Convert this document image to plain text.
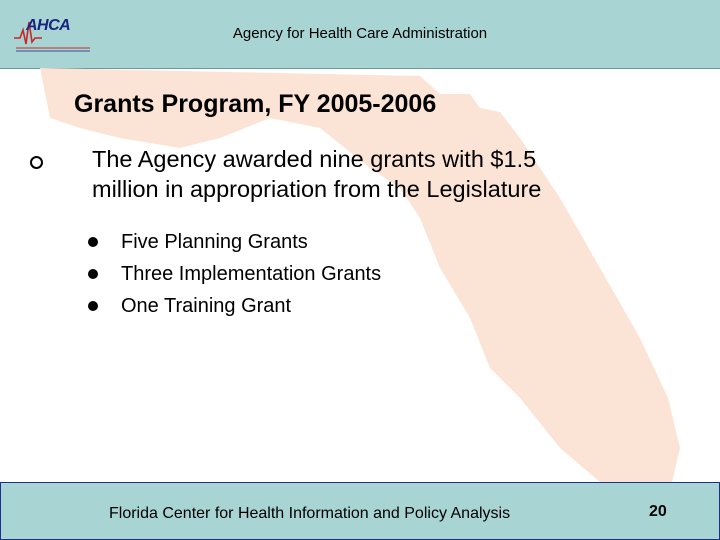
AHCA	Agency for Health Care Administration
Grants Program, FY 2005-2006
The Agency awarded nine grants with $1.5
million in appropriation from the Legislature
Five Planning Grants
Three Implementation Grants
One Training Grant
Florida Center for Health Information and Policy Analysis	20
